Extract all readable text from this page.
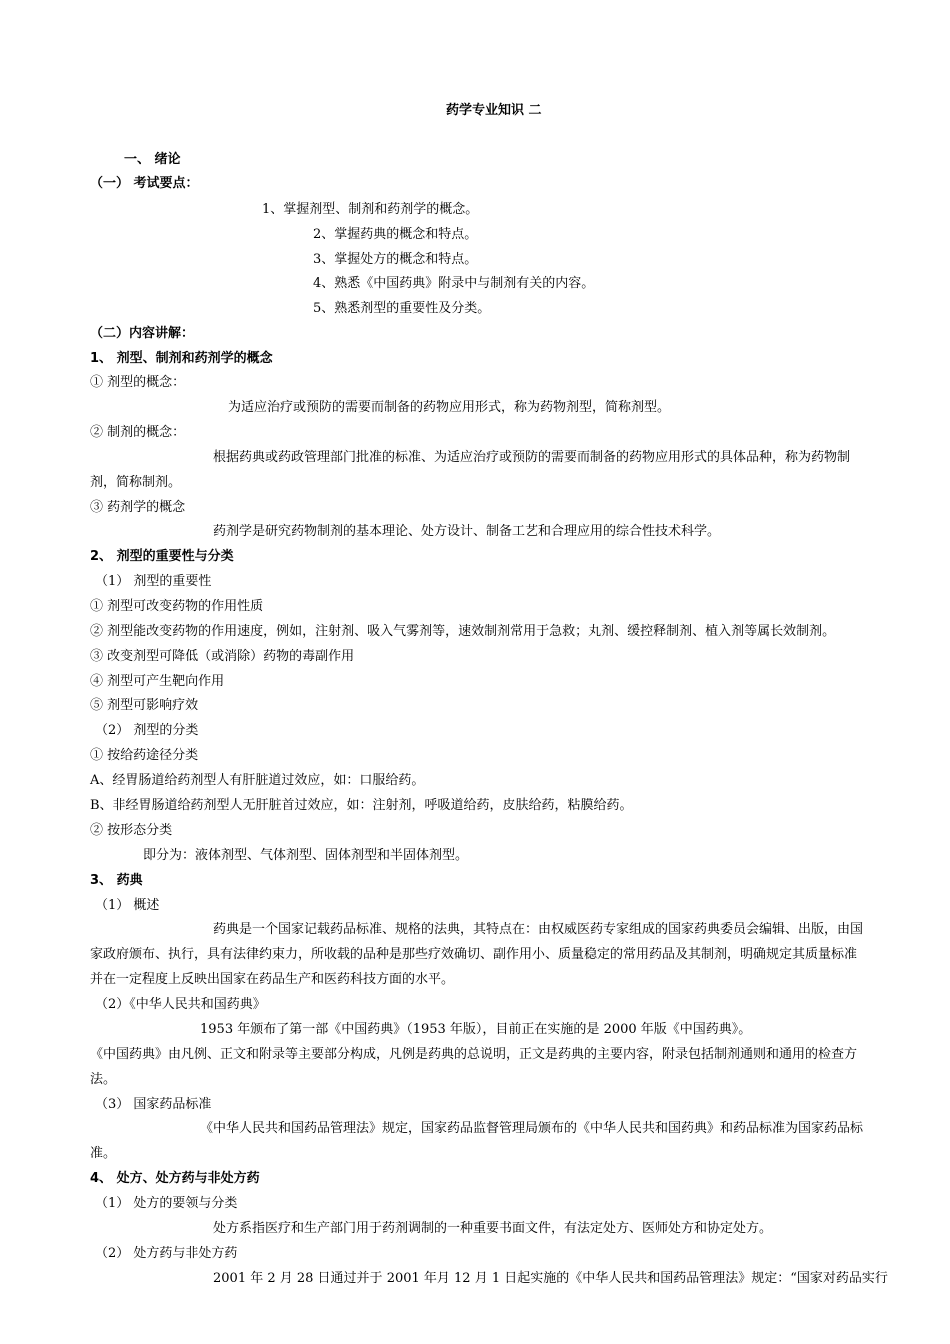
药学专业知识 二
一、 绪论
（一） 考试要点：
1、掌握剂型、制剂和药剂学的概念。
2、掌握药典的概念和特点。
3、掌握处方的概念和特点。
4、熟悉《中国药典》附录中与制剂有关的内容。
5、熟悉剂型的重要性及分类。
（二）内容讲解：
1、 剂型、制剂和药剂学的概念
① 剂型的概念：
为适应治疗或预防的需要而制备的药物应用形式，称为药物剂型，简称剂型。
② 制剂的概念：
根据药典或药政管理部门批准的标准、为适应治疗或预防的需要而制备的药物应用形式的具体品种，称为药物制
剂，简称制剂。
③ 药剂学的概念
药剂学是研究药物制剂的基本理论、处方设计、制备工艺和合理应用的综合性技术科学。
2、 剂型的重要性与分类
（1） 剂型的重要性
① 剂型可改变药物的作用性质
② 剂型能改变药物的作用速度，例如，注射剂、吸入气雾剂等，速效制剂常用于急救；丸剂、缓控释制剂、植入剂等属长效制剂。
③ 改变剂型可降低（或消除）药物的毒副作用
④ 剂型可产生靶向作用
⑤ 剂型可影响疗效
（2） 剂型的分类
① 按给药途径分类
A、经胃肠道给药剂型人有肝脏道过效应，如：口服给药。
B、非经胃肠道给药剂型人无肝脏首过效应，如：注射剂，呼吸道给药，皮肤给药，粘膜给药。
② 按形态分类
即分为：液体剂型、气体剂型、固体剂型和半固体剂型。
3、 药典
（1） 概述
药典是一个国家记载药品标准、规格的法典，其特点在：由权威医药专家组成的国家药典委员会编辑、出版，由国
家政府颁布、执行，具有法律约束力，所收载的品种是那些疗效确切、副作用小、质量稳定的常用药品及其制剂，明确规定其质量标准
并在一定程度上反映出国家在药品生产和医药科技方面的水平。
（2）《中华人民共和国药典》
1953 年颁布了第一部《中国药典》（1953 年版），目前正在实施的是 2000 年版《中国药典》。
《中国药典》由凡例、正文和附录等主要部分构成，凡例是药典的总说明，正文是药典的主要内容，附录包括制剂通则和通用的检查方
法。
（3） 国家药品标准
《中华人民共和国药品管理法》规定，国家药品监督管理局颁布的《中华人民共和国药典》和药品标准为国家药品标
准。
4、 处方、处方药与非处方药
（1） 处方的要领与分类
处方系指医疗和生产部门用于药剂调制的一种重要书面文件，有法定处方、医师处方和协定处方。
（2） 处方药与非处方药
2001 年 2 月 28 日通过并于 2001 年月 12 月 1 日起实施的《中华人民共和国药品管理法》规定：“国家对药品实行
